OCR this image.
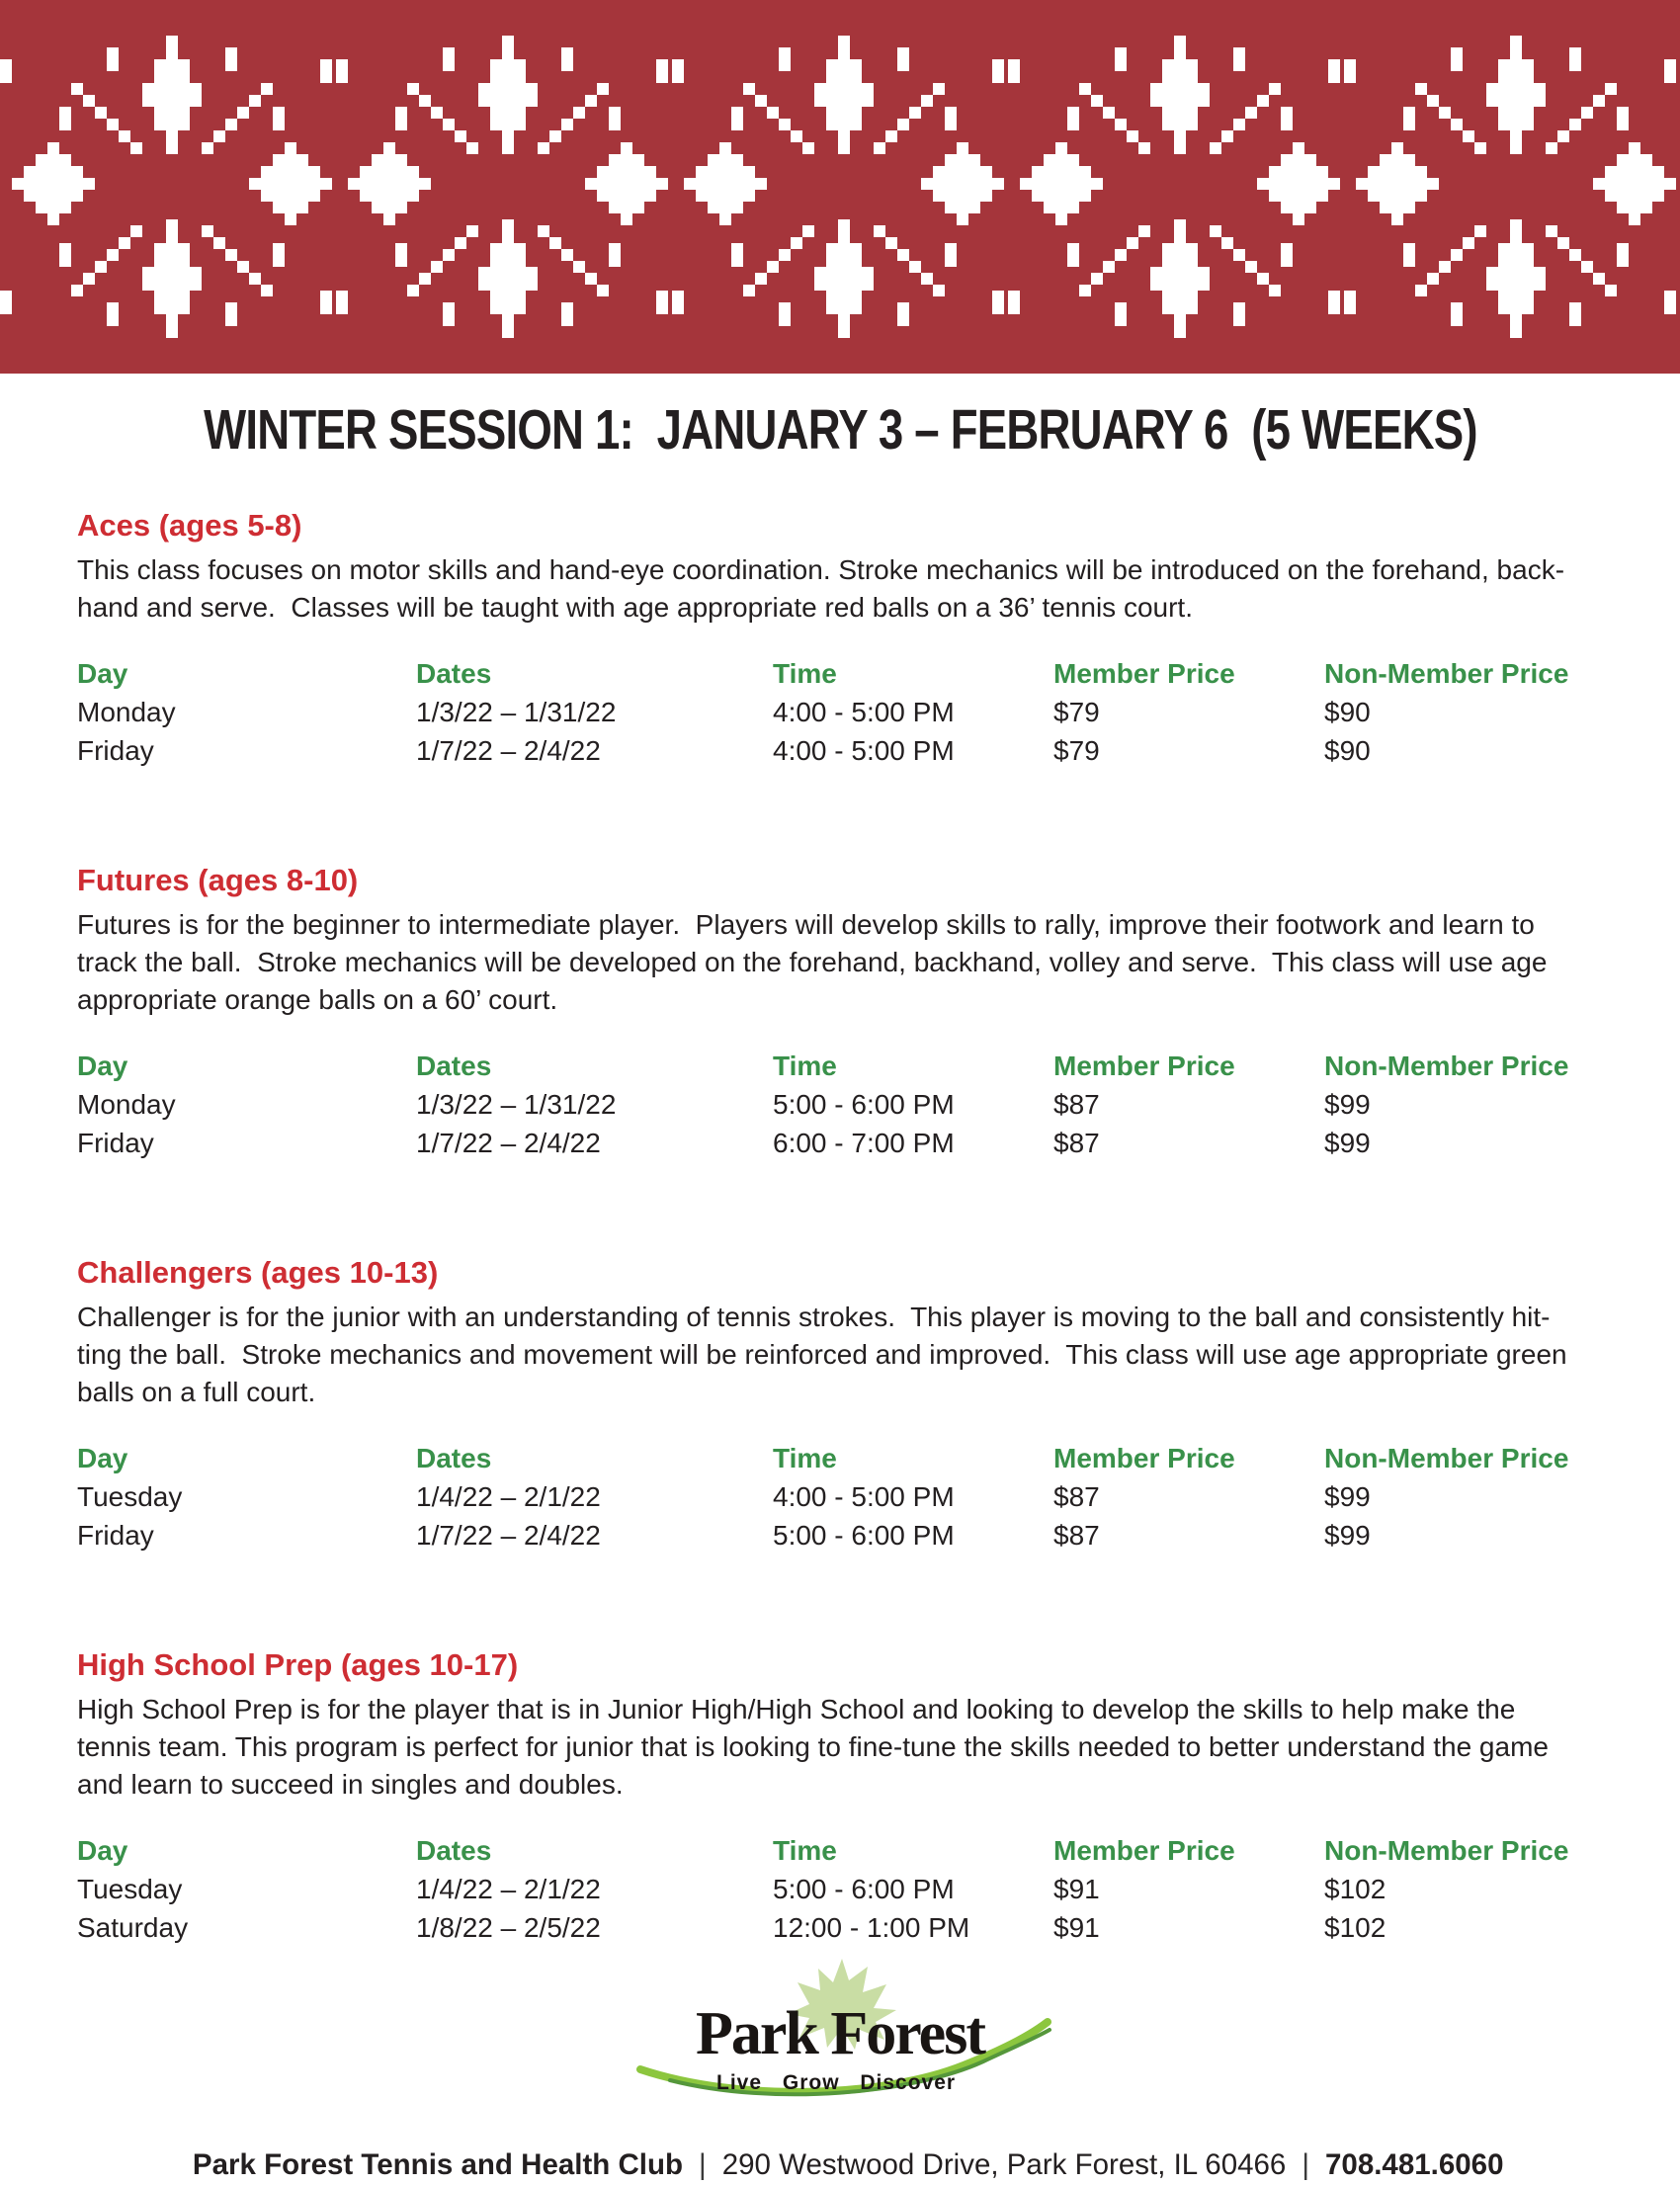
WINTER SESSION 1:  JANUARY 3 – FEBRUARY 6  (5 WEEKS)
Aces (ages 5-8)

This class focuses on motor skills and hand-eye coordination. Stroke mechanics will be introduced on the forehand, back-
hand and serve.  Classes will be taught with age appropriate red balls on a 36’ tennis court.

Day	Dates	Time	Member Price	Non-Member Price
Monday	1/3/22 – 1/31/22	4:00 - 5:00 PM	$79	$90
Friday	1/7/22 – 2/4/22	4:00 - 5:00 PM	$79	$90
Futures (ages 8-10)

Futures is for the beginner to intermediate player.  Players will develop skills to rally, improve their footwork and learn to
track the ball.  Stroke mechanics will be developed on the forehand, backhand, volley and serve.  This class will use age
appropriate orange balls on a 60’ court.

Day	Dates	Time	Member Price	Non-Member Price
Monday	1/3/22 – 1/31/22	5:00 - 6:00 PM	$87	$99
Friday	1/7/22 – 2/4/22	6:00 - 7:00 PM	$87	$99
Challengers (ages 10-13)

Challenger is for the junior with an understanding of tennis strokes.  This player is moving to the ball and consistently hit-
ting the ball.  Stroke mechanics and movement will be reinforced and improved.  This class will use age appropriate green
balls on a full court.

Day	Dates	Time	Member Price	Non-Member Price
Tuesday	1/4/22 – 2/1/22	4:00 - 5:00 PM	$87	$99
Friday	1/7/22 – 2/4/22	5:00 - 6:00 PM	$87	$99
High School Prep (ages 10-17)

High School Prep is for the player that is in Junior High/High School and looking to develop the skills to help make the
tennis team. This program is perfect for junior that is looking to fine-tune the skills needed to better understand the game
and learn to succeed in singles and doubles.

Day	Dates	Time	Member Price	Non-Member Price
Tuesday	1/4/22 – 2/1/22	5:00 - 6:00 PM	$91	$102
Saturday	1/8/22 – 2/5/22	12:00 - 1:00 PM	$91	$102
Park Forest
Live Grow Discover

Park Forest Tennis and Health Club | 290 Westwood Drive, Park Forest, IL 60466 | 708.481.6060
